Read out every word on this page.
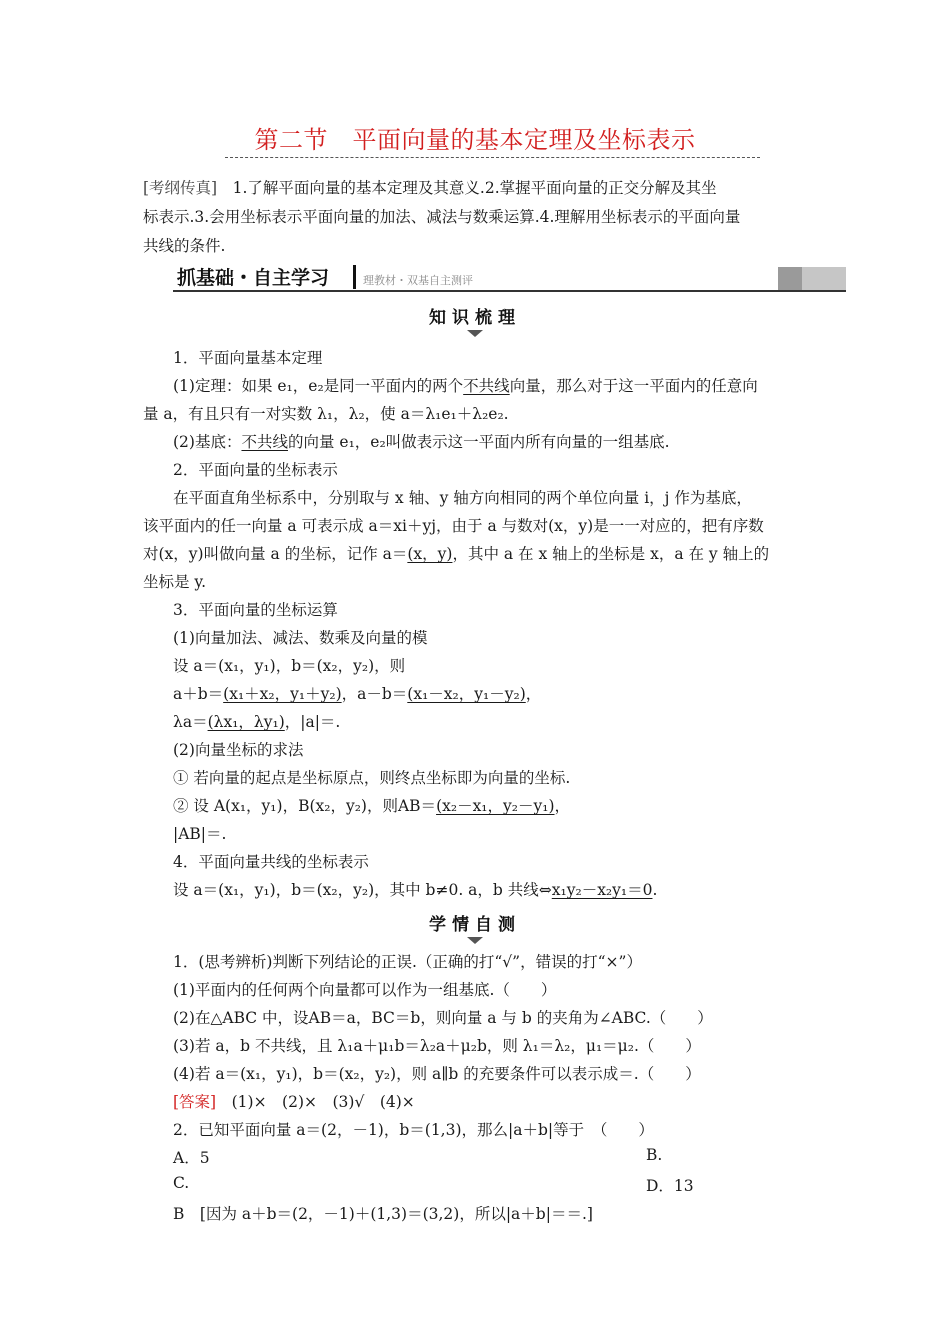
第二节　平面向量的基本定理及坐标表示
[考纲传真]　 1.了解平面向量的基本定理及其意义.2.掌握平面向量的正交分解及其坐
标表示.3.会用坐标表示平面向量的加法、减法与数乘运算.4.理解用坐标表示的平面向量
共线的条件.
抓基础・自主学习	理教材・双基自主测评
知识梳理
1．平面向量基本定理
(1)定理：如果 e₁，e₂是同一平面内的两个不共线向量，那么对于这一平面内的任意向
量 a，有且只有一对实数 λ₁，λ₂，使 a＝λ₁e₁＋λ₂e₂.
(2)基底：不共线的向量 e₁，e₂叫做表示这一平面内所有向量的一组基底.
2．平面向量的坐标表示
在平面直角坐标系中，分别取与 x 轴、y 轴方向相同的两个单位向量 i，j 作为基底，
该平面内的任一向量 a 可表示成 a＝xi＋yj，由于 a 与数对(x，y)是一一对应的，把有序数
对(x，y)叫做向量 a 的坐标，记作 a＝(x，y)，其中 a 在 x 轴上的坐标是 x，a 在 y 轴上的
坐标是 y.
3．平面向量的坐标运算
(1)向量加法、减法、数乘及向量的模
设 a＝(x₁，y₁)，b＝(x₂，y₂)，则
a＋b＝(x₁＋x₂，y₁＋y₂)，a－b＝(x₁－x₂，y₁－y₂)，
λa＝(λx₁，λy₁)，|a|＝.
(2)向量坐标的求法
① 若向量的起点是坐标原点，则终点坐标即为向量的坐标.
② 设 A(x₁，y₁)，B(x₂，y₂)，则AB＝(x₂－x₁，y₂－y₁)，
|AB|＝.
4．平面向量共线的坐标表示
设 a＝(x₁，y₁)，b＝(x₂，y₂)，其中 b≠0. a，b 共线⇔x₁y₂－x₂y₁＝0.
学情自测
1．(思考辨析)判断下列结论的正误.（正确的打“√”，错误的打“×”）
(1)平面内的任何两个向量都可以作为一组基底.（　　）
(2)在△ABC 中，设AB＝a，BC＝b，则向量 a 与 b 的夹角为∠ABC.（　　）
(3)若 a，b 不共线，且 λ₁a＋μ₁b＝λ₂a＋μ₂b，则 λ₁＝λ₂，μ₁＝μ₂.（　　）
(4)若 a＝(x₁，y₁)，b＝(x₂，y₂)，则 a∥b 的充要条件可以表示成＝.（　　）
[答案]　(1)×　(2)×　(3)√　(4)×
2．已知平面向量 a＝(2，－1)，b＝(1,3)，那么|a＋b|等于　（　　）
A．5	B.
C.	D．13
B　[因为 a＋b＝(2，－1)＋(1,3)＝(3,2)，所以|a＋b|＝＝.]
